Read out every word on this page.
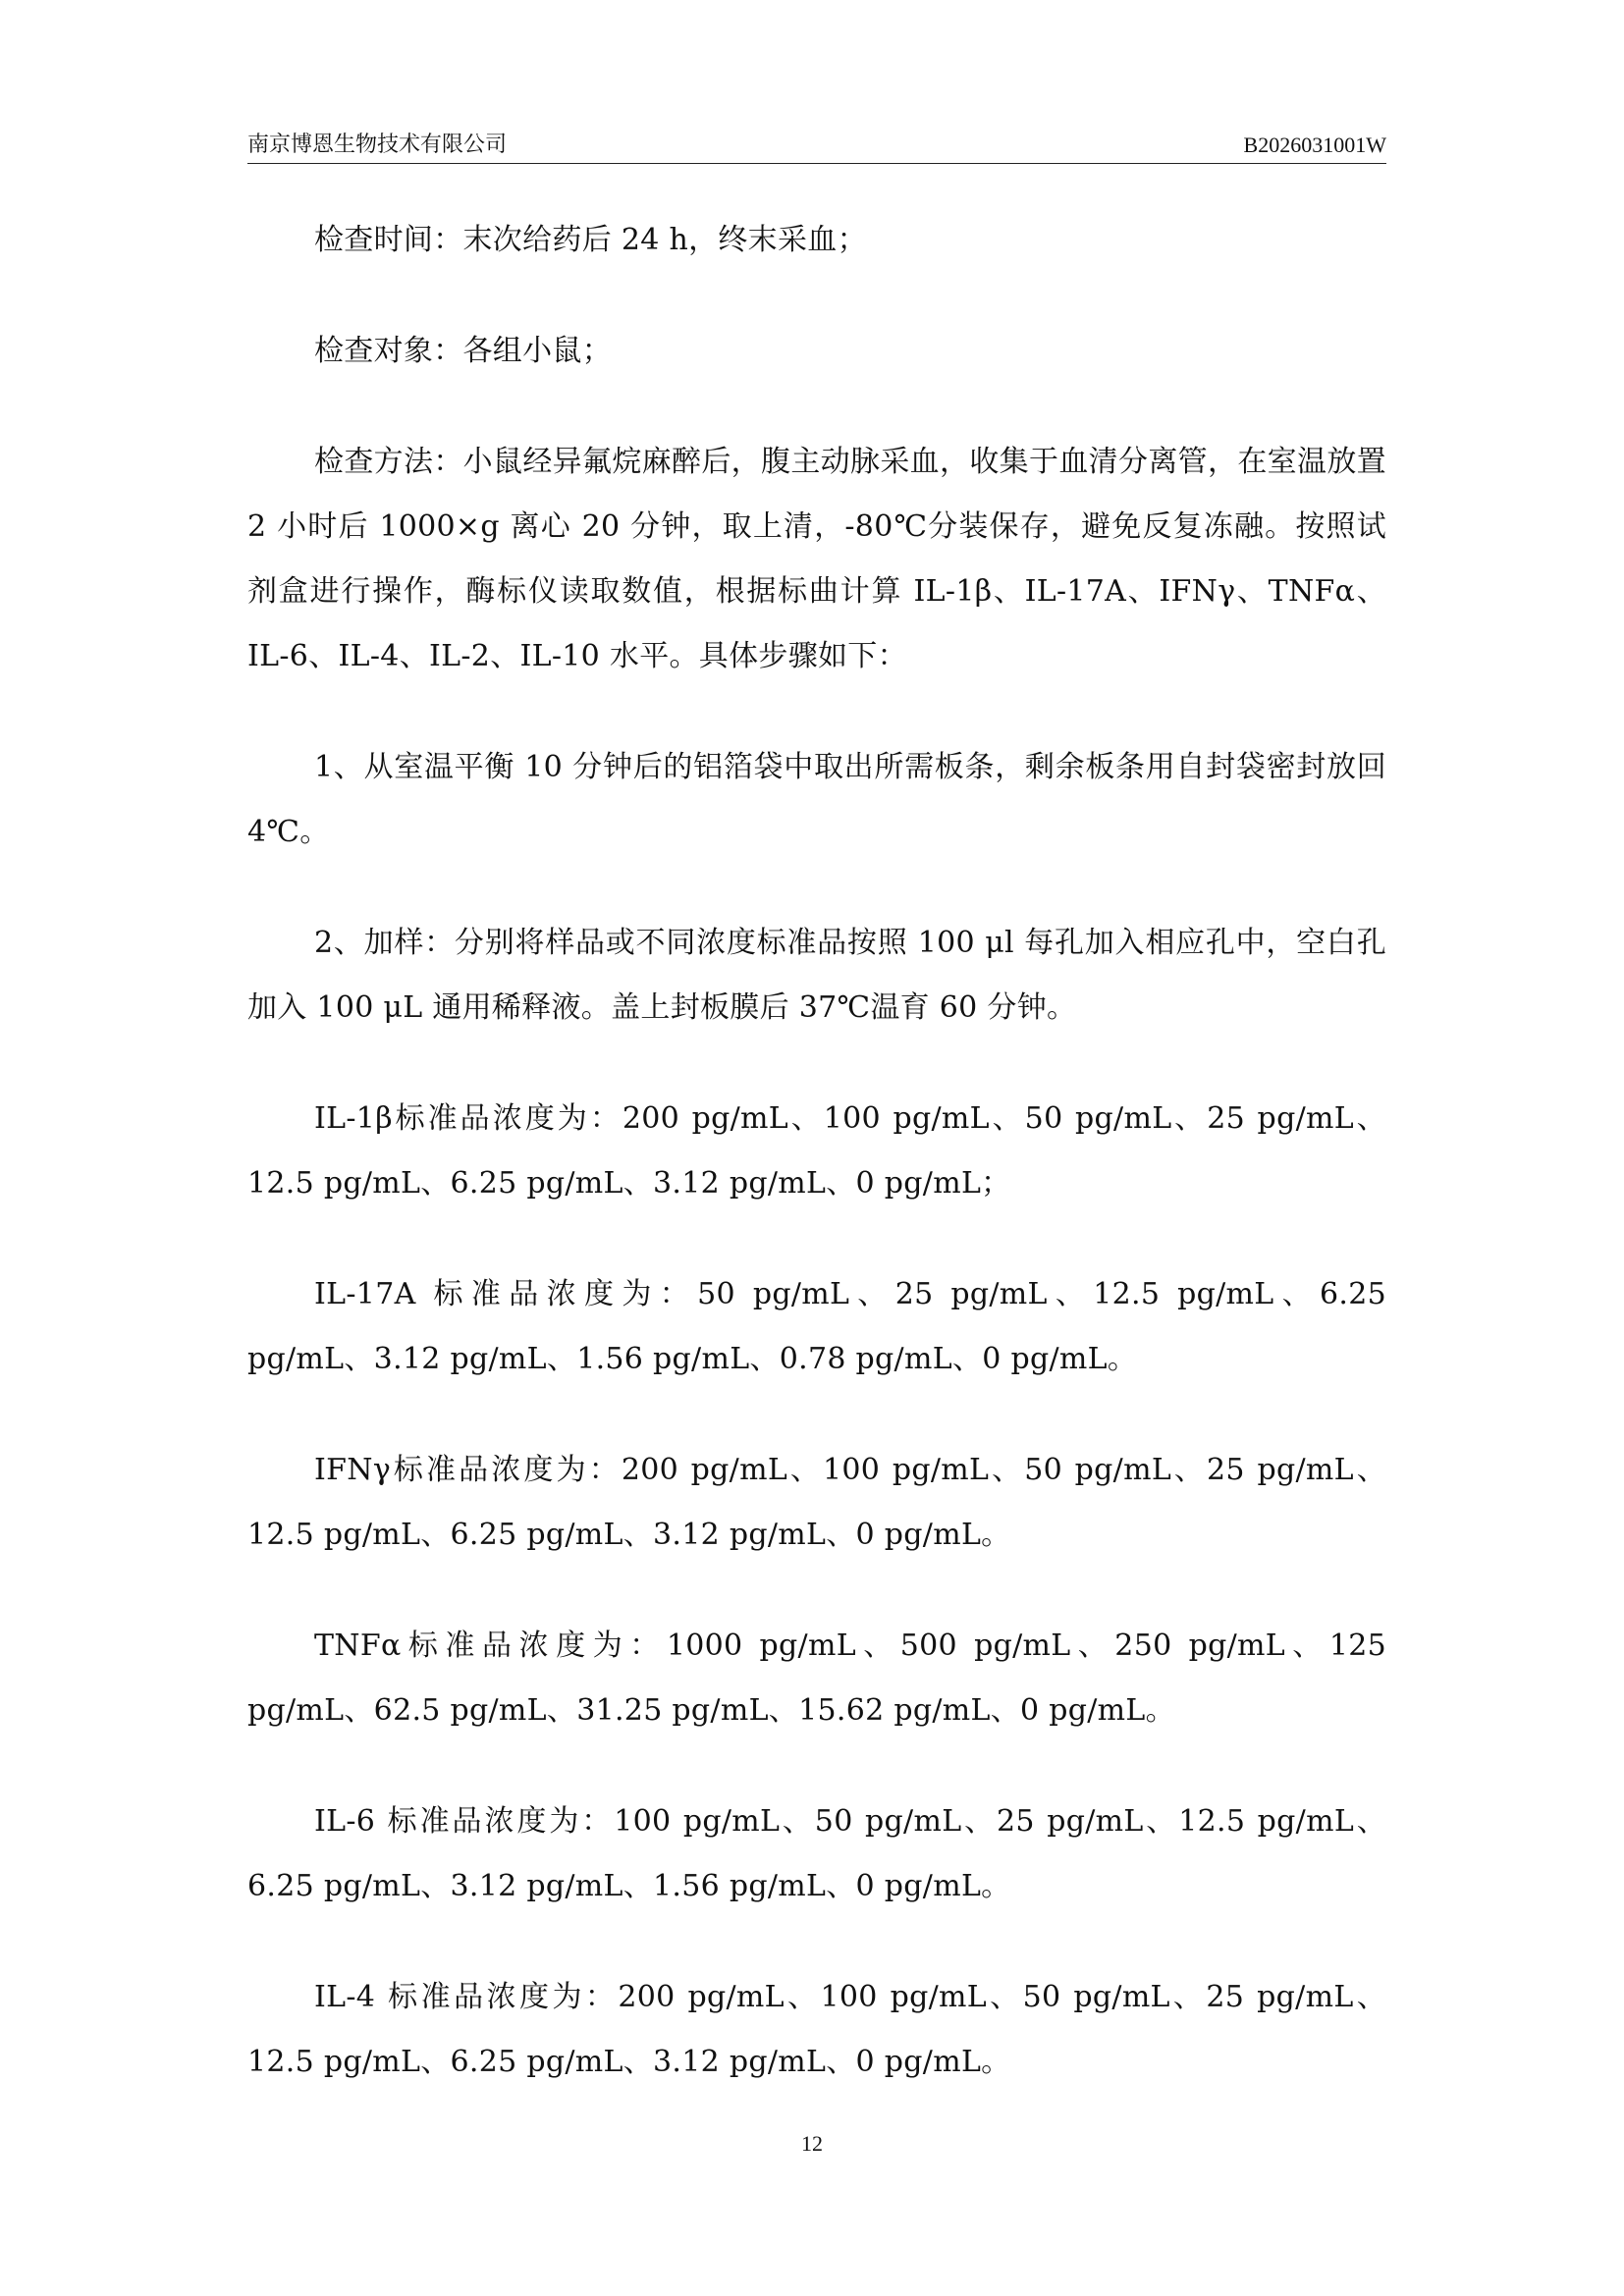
南京博恩生物技术有限公司	B2026031001W

检查时间：末次给药后 24 h，终末采血；

检查对象：各组小鼠；

检查方法：小鼠经异氟烷麻醉后，腹主动脉采血，收集于血清分离管，在室温放置 2 小时后 1000×g 离心 20 分钟，取上清，-80℃分装保存，避免反复冻融。按照试剂盒进行操作，酶标仪读取数值，根据标曲计算 IL-1β、IL-17A、IFNγ、TNFα、IL-6、IL-4、IL-2、IL-10 水平。具体步骤如下：

1、从室温平衡 10 分钟后的铝箔袋中取出所需板条，剩余板条用自封袋密封放回 4℃。

2、加样：分别将样品或不同浓度标准品按照 100 μl 每孔加入相应孔中，空白孔加入 100 μL 通用稀释液。盖上封板膜后 37℃温育 60 分钟。

IL-1β标准品浓度为：200 pg/mL、100 pg/mL、50 pg/mL、25 pg/mL、12.5 pg/mL、6.25 pg/mL、3.12 pg/mL、0 pg/mL；

IL-17A 标准品浓度为：50 pg/mL、25 pg/mL、12.5 pg/mL、6.25 pg/mL、3.12 pg/mL、1.56 pg/mL、0.78 pg/mL、0 pg/mL。

IFNγ标准品浓度为：200 pg/mL、100 pg/mL、50 pg/mL、25 pg/mL、12.5 pg/mL、6.25 pg/mL、3.12 pg/mL、0 pg/mL。

TNFα标准品浓度为：1000 pg/mL、500 pg/mL、250 pg/mL、125 pg/mL、62.5 pg/mL、31.25 pg/mL、15.62 pg/mL、0 pg/mL。

IL-6 标准品浓度为：100 pg/mL、50 pg/mL、25 pg/mL、12.5 pg/mL、6.25 pg/mL、3.12 pg/mL、1.56 pg/mL、0 pg/mL。

IL-4 标准品浓度为：200 pg/mL、100 pg/mL、50 pg/mL、25 pg/mL、12.5 pg/mL、6.25 pg/mL、3.12 pg/mL、0 pg/mL。

12
